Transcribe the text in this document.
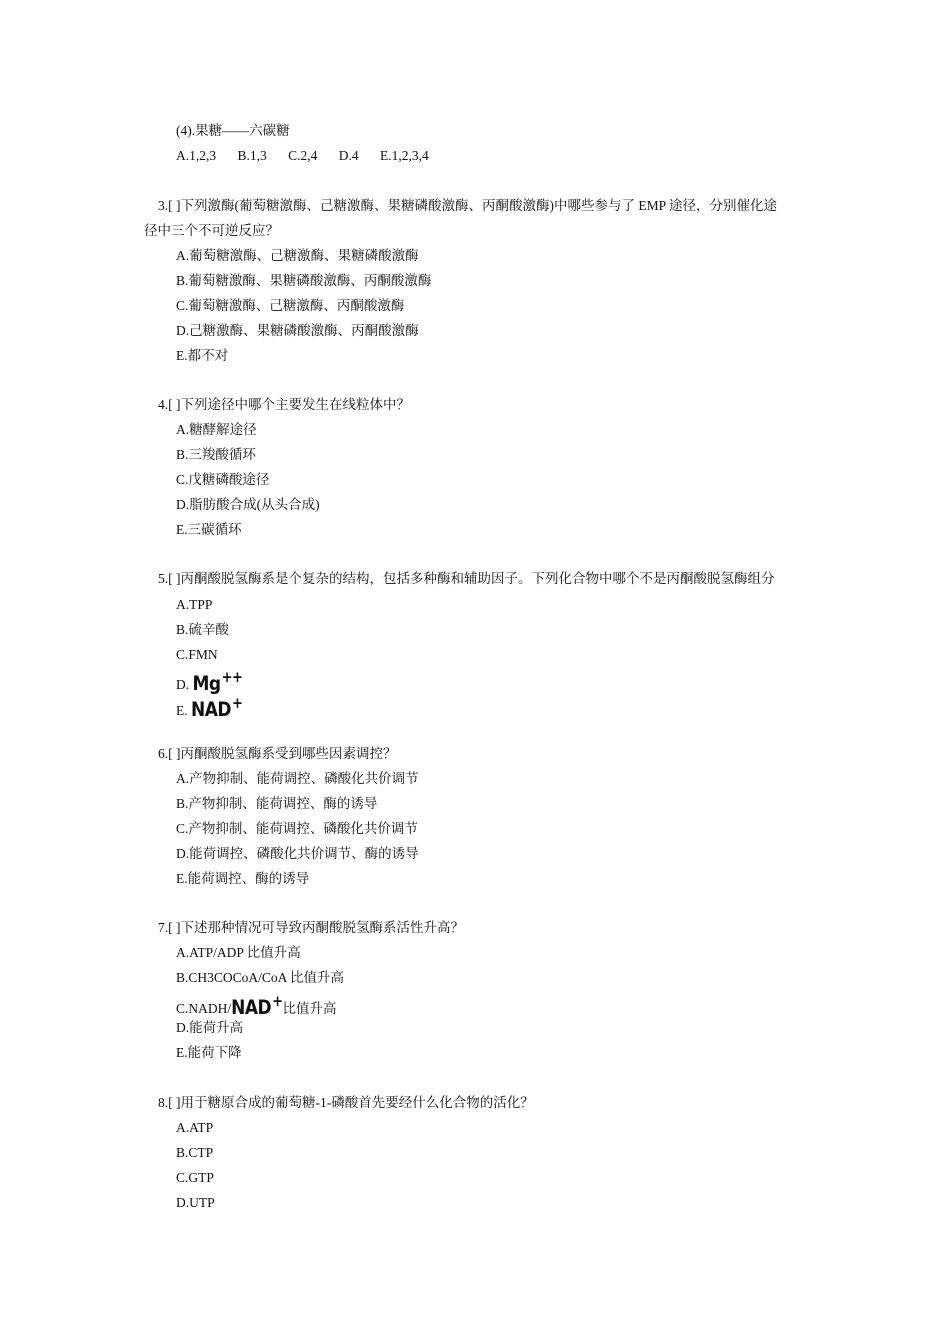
(4).果糖——六碳糖
A.1,2,3 B.1,3 C.2,4 D.4 E.1,2,3,4
3.[ ]下列激酶(葡萄糖激酶、己糖激酶、果糖磷酸激酶、丙酮酸激酶)中哪些参与了 EMP 途径，分别催化途
径中三个不可逆反应？
A.葡萄糖激酶、己糖激酶、果糖磷酸激酶
B.葡萄糖激酶、果糖磷酸激酶、丙酮酸激酶
C.葡萄糖激酶、己糖激酶、丙酮酸激酶
D.己糖激酶、果糖磷酸激酶、丙酮酸激酶
E.都不对
4.[ ]下列途径中哪个主要发生在线粒体中？
A.糖酵解途径
B.三羧酸循环
C.戊糖磷酸途径
D.脂肪酸合成(从头合成)
E.三碳循环
5.[ ]丙酮酸脱氢酶系是个复杂的结构，包括多种酶和辅助因子。下列化合物中哪个不是丙酮酸脱氢酶组分
A.TPP
B.硫辛酸
C.FMN
D. Mg++
E. NAD+
6.[ ]丙酮酸脱氢酶系受到哪些因素调控？
A.产物抑制、能荷调控、磷酸化共价调节
B.产物抑制、能荷调控、酶的诱导
C.产物抑制、能荷调控、磷酸化共价调节
D.能荷调控、磷酸化共价调节、酶的诱导
E.能荷调控、酶的诱导
7.[ ]下述那种情况可导致丙酮酸脱氢酶系活性升高？
A.ATP/ADP 比值升高
B.CH3COCoA/CoA 比值升高
C.NADH/NAD+比值升高
D.能荷升高
E.能荷下降
8.[ ]用于糖原合成的葡萄糖-1-磷酸首先要经什么化合物的活化？
A.ATP
B.CTP
C.GTP
D.UTP
